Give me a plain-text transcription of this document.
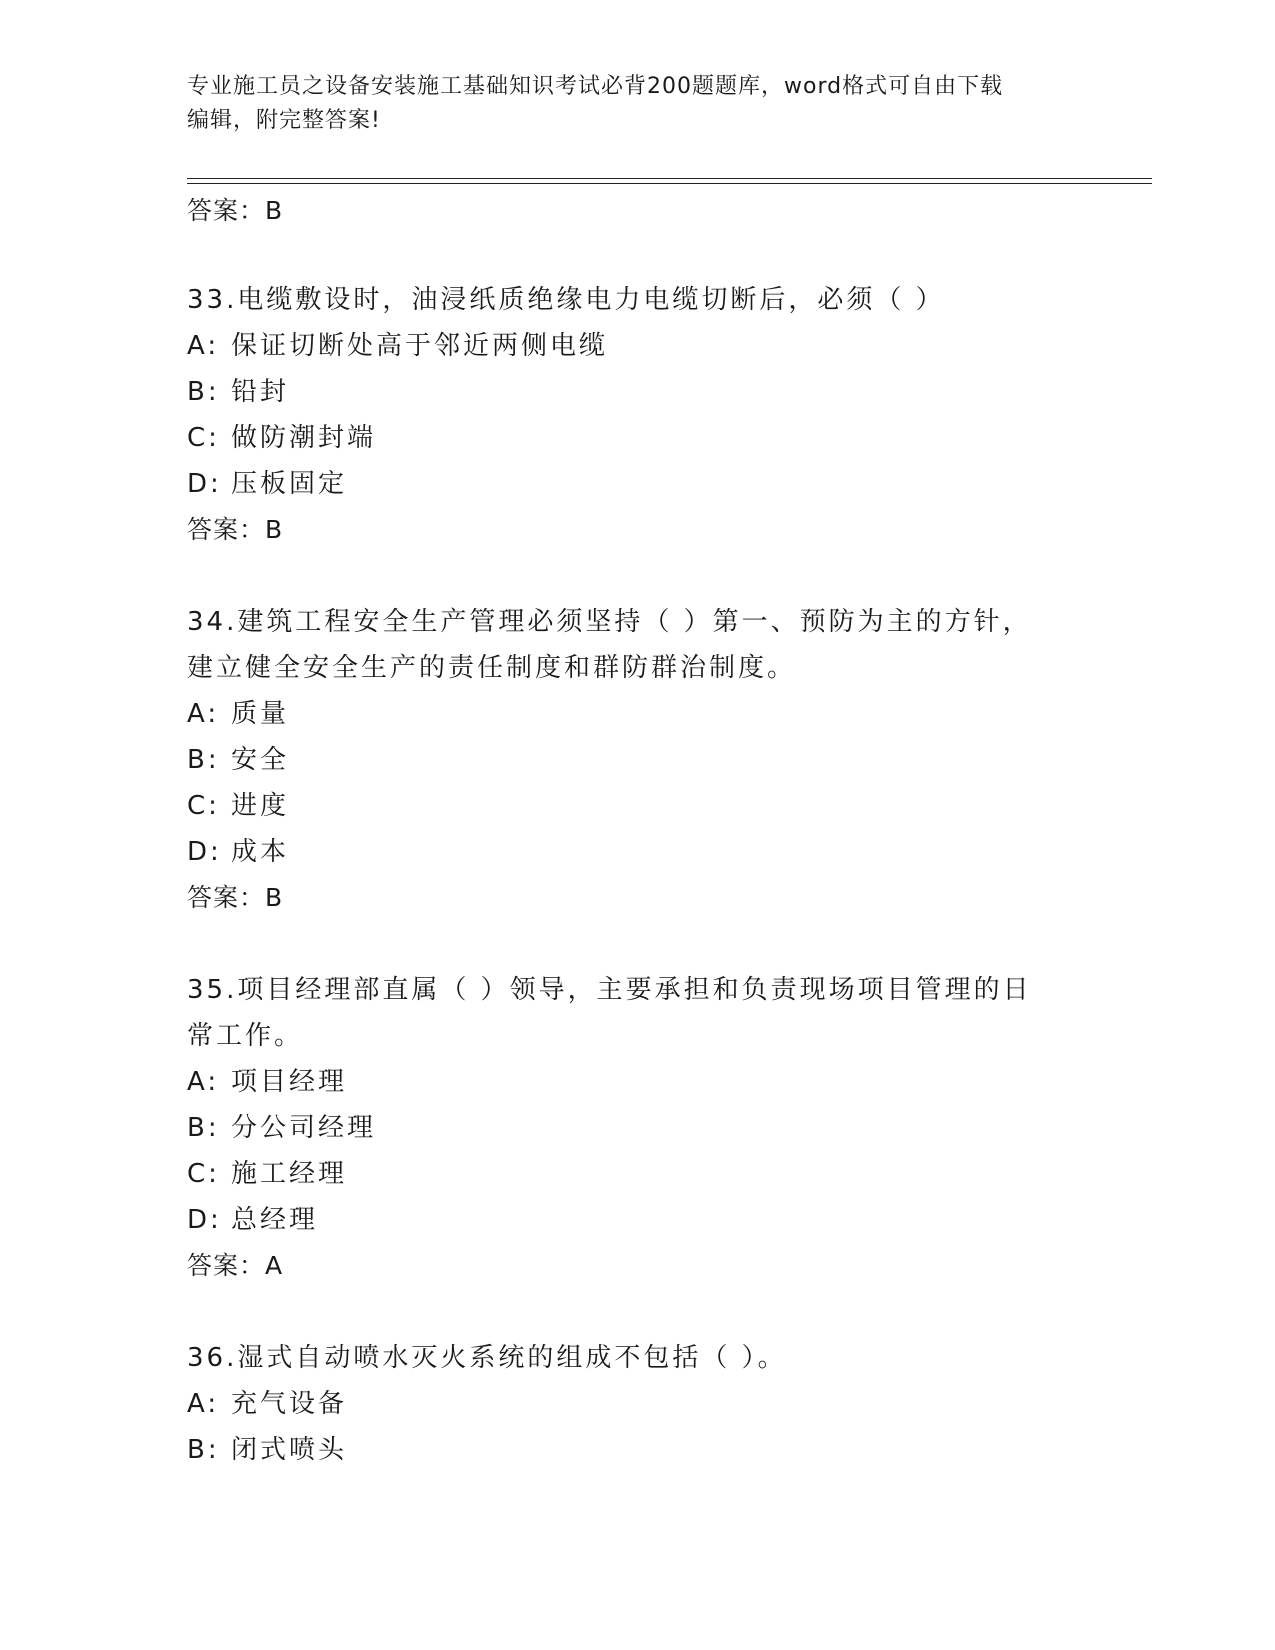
专业施工员之设备安装施工基础知识考试必背200题题库，word格式可自由下载
编辑，附完整答案!
答案：B
33.电缆敷设时，油浸纸质绝缘电力电缆切断后，必须（ ）
A: 保证切断处高于邻近两侧电缆
B: 铅封
C: 做防潮封端
D: 压板固定
答案：B
34.建筑工程安全生产管理必须坚持（ ）第一、预防为主的方针，建立健全安全生产的责任制度和群防群治制度。
A: 质量
B: 安全
C: 进度
D: 成本
答案：B
35.项目经理部直属（ ）领导，主要承担和负责现场项目管理的日常工作。
A: 项目经理
B: 分公司经理
C: 施工经理
D: 总经理
答案：A
36.湿式自动喷水灭火系统的组成不包括（ ）。
A: 充气设备
B: 闭式喷头
